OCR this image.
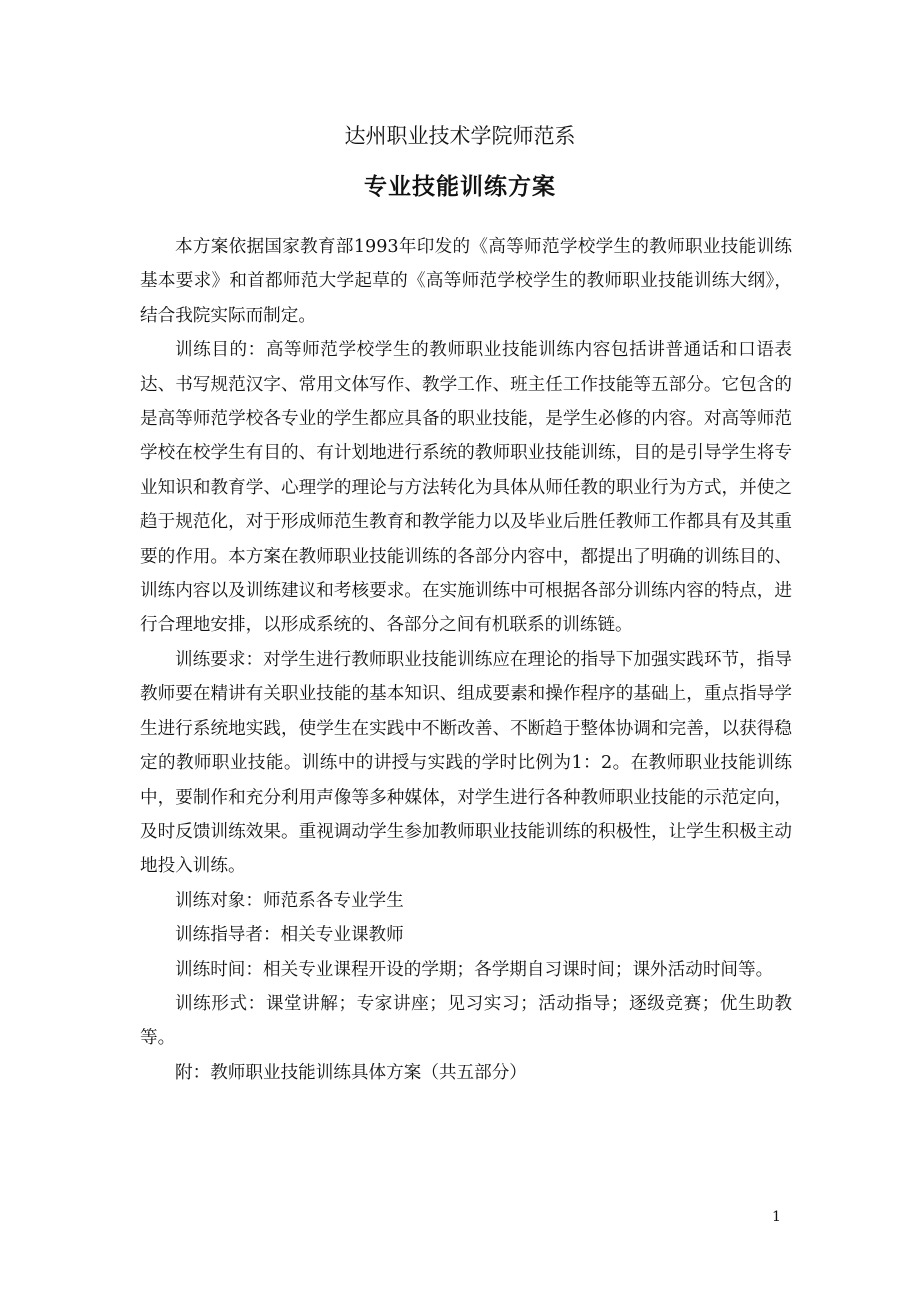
达州职业技术学院师范系
专业技能训练方案

本方案依据国家教育部1993年印发的《高等师范学校学生的教师职业技能训练基本要求》和首都师范大学起草的《高等师范学校学生的教师职业技能训练大纲》，结合我院实际而制定。

训练目的：高等师范学校学生的教师职业技能训练内容包括讲普通话和口语表达、书写规范汉字、常用文体写作、教学工作、班主任工作技能等五部分。它包含的是高等师范学校各专业的学生都应具备的职业技能，是学生必修的内容。对高等师范学校在校学生有目的、有计划地进行系统的教师职业技能训练，目的是引导学生将专业知识和教育学、心理学的理论与方法转化为具体从师任教的职业行为方式，并使之趋于规范化，对于形成师范生教育和教学能力以及毕业后胜任教师工作都具有及其重要的作用。本方案在教师职业技能训练的各部分内容中，都提出了明确的训练目的、训练内容以及训练建议和考核要求。在实施训练中可根据各部分训练内容的特点，进行合理地安排，以形成系统的、各部分之间有机联系的训练链。

训练要求：对学生进行教师职业技能训练应在理论的指导下加强实践环节，指导教师要在精讲有关职业技能的基本知识、组成要素和操作程序的基础上，重点指导学生进行系统地实践，使学生在实践中不断改善、不断趋于整体协调和完善，以获得稳定的教师职业技能。训练中的讲授与实践的学时比例为1：2。在教师职业技能训练中，要制作和充分利用声像等多种媒体，对学生进行各种教师职业技能的示范定向，及时反馈训练效果。重视调动学生参加教师职业技能训练的积极性，让学生积极主动地投入训练。

训练对象：师范系各专业学生

训练指导者：相关专业课教师

训练时间：相关专业课程开设的学期；各学期自习课时间；课外活动时间等。

训练形式：课堂讲解；专家讲座；见习实习；活动指导；逐级竞赛；优生助教等。

附：教师职业技能训练具体方案（共五部分）

1
